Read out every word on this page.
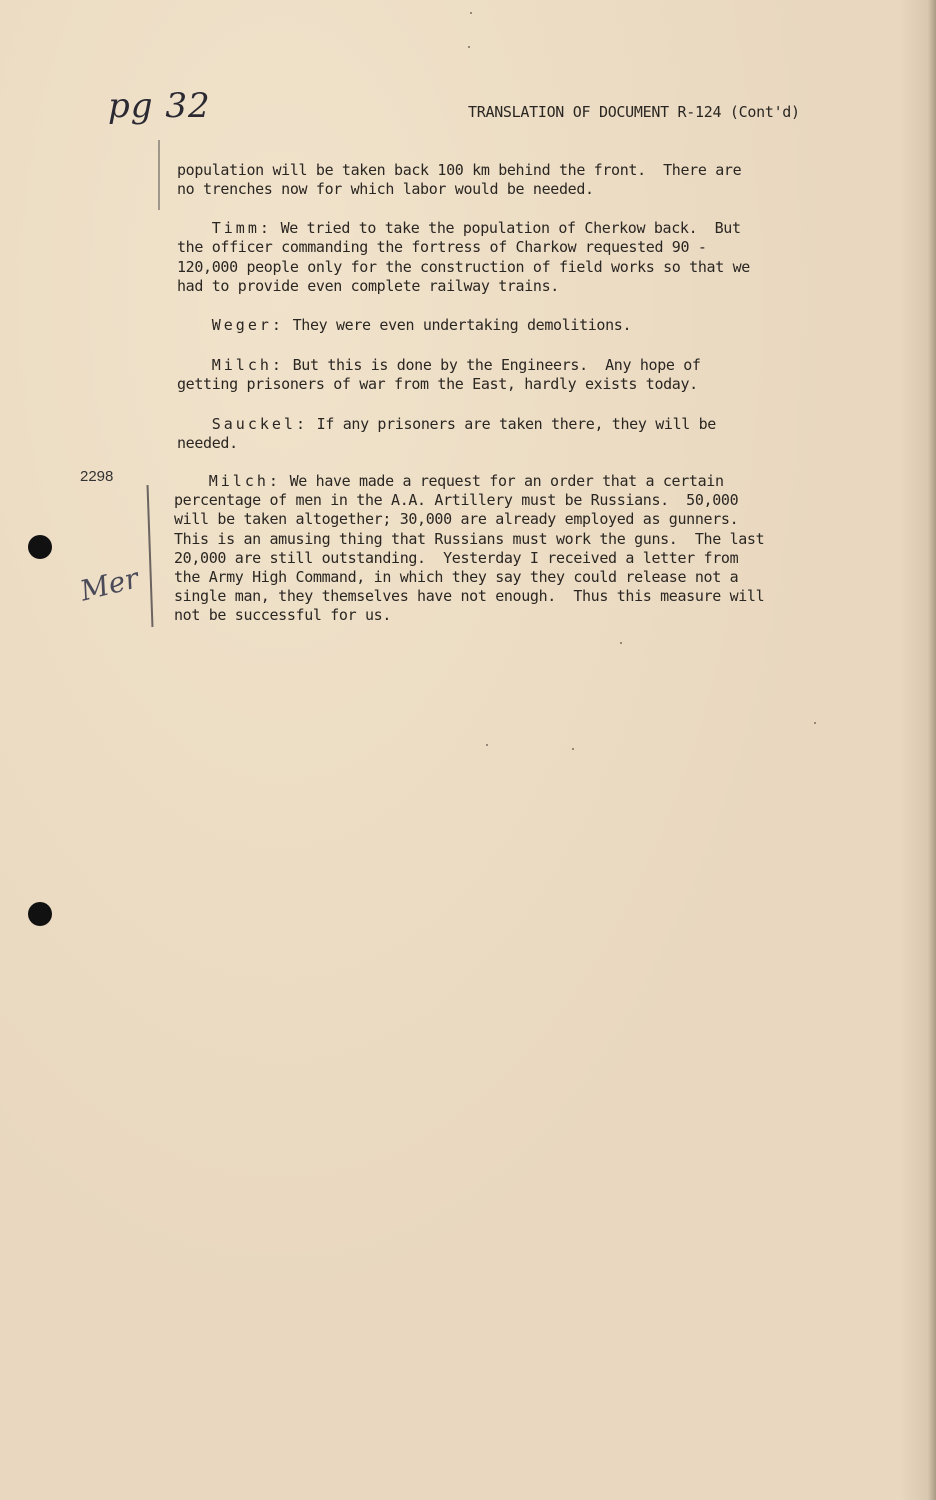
pg 32	TRANSLATION OF DOCUMENT R-124 (Cont'd)
population will be taken back 100 km behind the front.  There are
no trenches now for which labor would be needed.
Timm: We tried to take the population of Cherkow back.  But
the officer commanding the fortress of Charkow requested 90 -
120,000 people only for the construction of field works so that we
had to provide even complete railway trains.
Weger: They were even undertaking demolitions.
Milch: But this is done by the Engineers.  Any hope of
getting prisoners of war from the East, hardly exists today.
Sauckel: If any prisoners are taken there, they will be
needed.
2298
Mer
Milch: We have made a request for an order that a certain
percentage of men in the A.A. Artillery must be Russians.  50,000
will be taken altogether; 30,000 are already employed as gunners.
This is an amusing thing that Russians must work the guns.  The last
20,000 are still outstanding.  Yesterday I received a letter from
the Army High Command, in which they say they could release not a
single man, they themselves have not enough.  Thus this measure will
not be successful for us.
